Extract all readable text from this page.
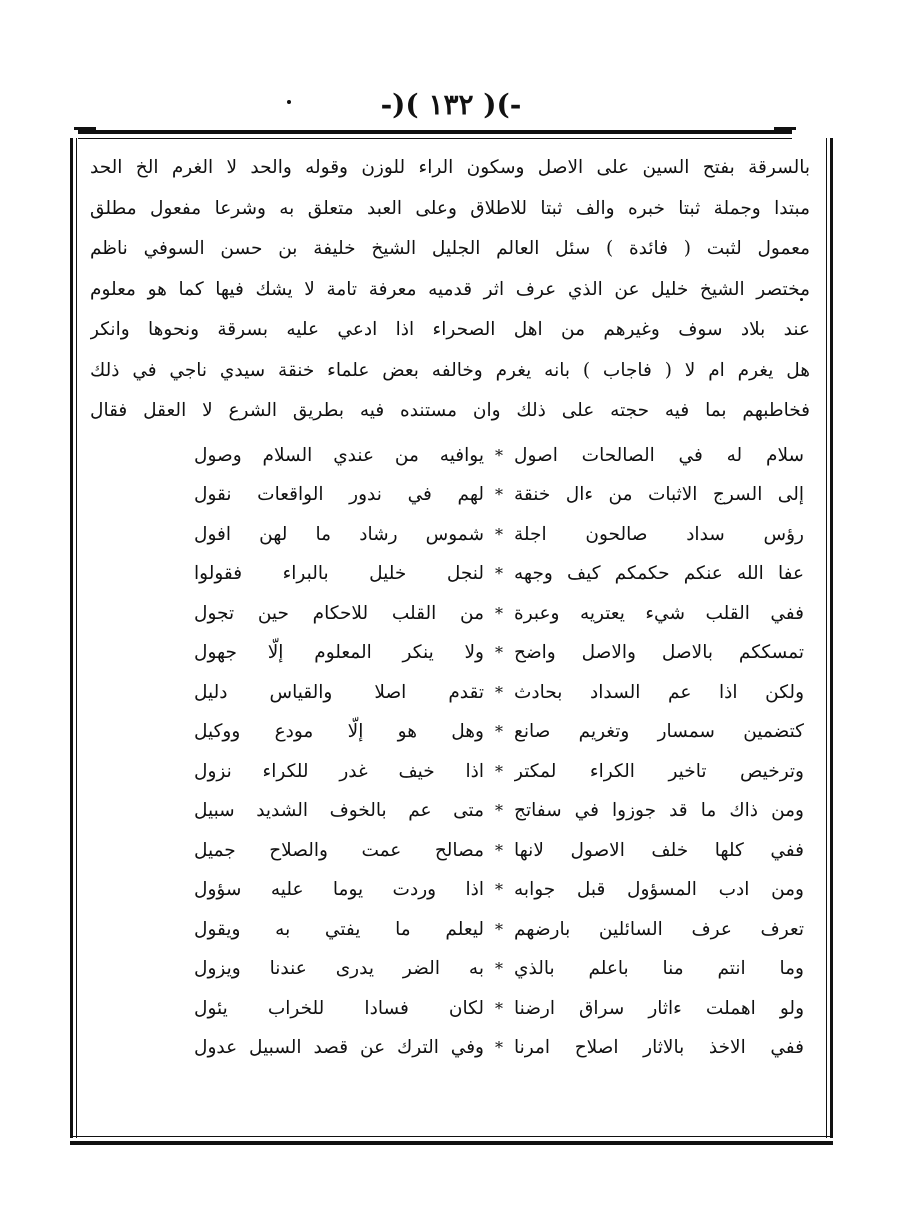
-)( ١٣٢ )(-
بالسرقة بفتح السين على الاصل وسكون الراء للوزن وقوله والحد لا الغرم الخ الحد
مبتدا وجملة ثبتا خبره والف ثبتا للاطلاق وعلى العبد متعلق به وشرعا مفعول مطلق
معمول لثبت ( فائدة ) سئل العالم الجليل الشيخ خليفة بن حسن السوفي ناظم
مختصر الشيخ خليل عن الذي عرف اثر قدميه معرفة تامة لا يشك فيها كما هو معلوم
عند بلاد سوف وغيرهم من اهل الصحراء اذا ادعي عليه بسرقة ونحوها وانكر
هل يغرم ام لا ( فاجاب ) بانه يغرم وخالفه بعض علماء خنقة سيدي ناجي في ذلك
فخاطبهم بما فيه حجته على ذلك وان مستنده فيه بطريق الشرع لا العقل فقال
سلام له في الصالحات اصول
*
يوافيه من عندي السلام وصول
إلى السرج الاثبات من ءال خنقة
*
لهم في ندور الواقعات نقول
رؤس سداد صالحون اجلة
*
شموس رشاد ما لهن افول
عفا الله عنكم حكمكم كيف وجهه
*
لنجل خليل بالبراء فقولوا
ففي القلب شيء يعتريه وعبرة
*
من القلب للاحكام حين تجول
تمسككم بالاصل والاصل واضح
*
ولا ينكر المعلوم إلّا جهول
ولكن اذا عم السداد بحادث
*
تقدم اصلا والقياس دليل
كتضمين سمسار وتغريم صانع
*
وهل هو إلّا مودع ووكيل
وترخيص تاخير الكراء لمكتر
*
اذا خيف غدر للكراء نزول
ومن ذاك ما قد جوزوا في سفاتج
*
متى عم بالخوف الشديد سبيل
ففي كلها خلف الاصول لانها
*
مصالح عمت والصلاح جميل
ومن ادب المسؤول قبل جوابه
*
اذا وردت يوما عليه سؤول
تعرف عرف السائلين بارضهم
*
ليعلم ما يفتي به ويقول
وما انتم منا باعلم بالذي
*
به الضر يدرى عندنا ويزول
ولو اهملت ءاثار سراق ارضنا
*
لكان فسادا للخراب يئول
ففي الاخذ بالاثار اصلاح امرنا
*
وفي الترك عن قصد السبيل عدول
